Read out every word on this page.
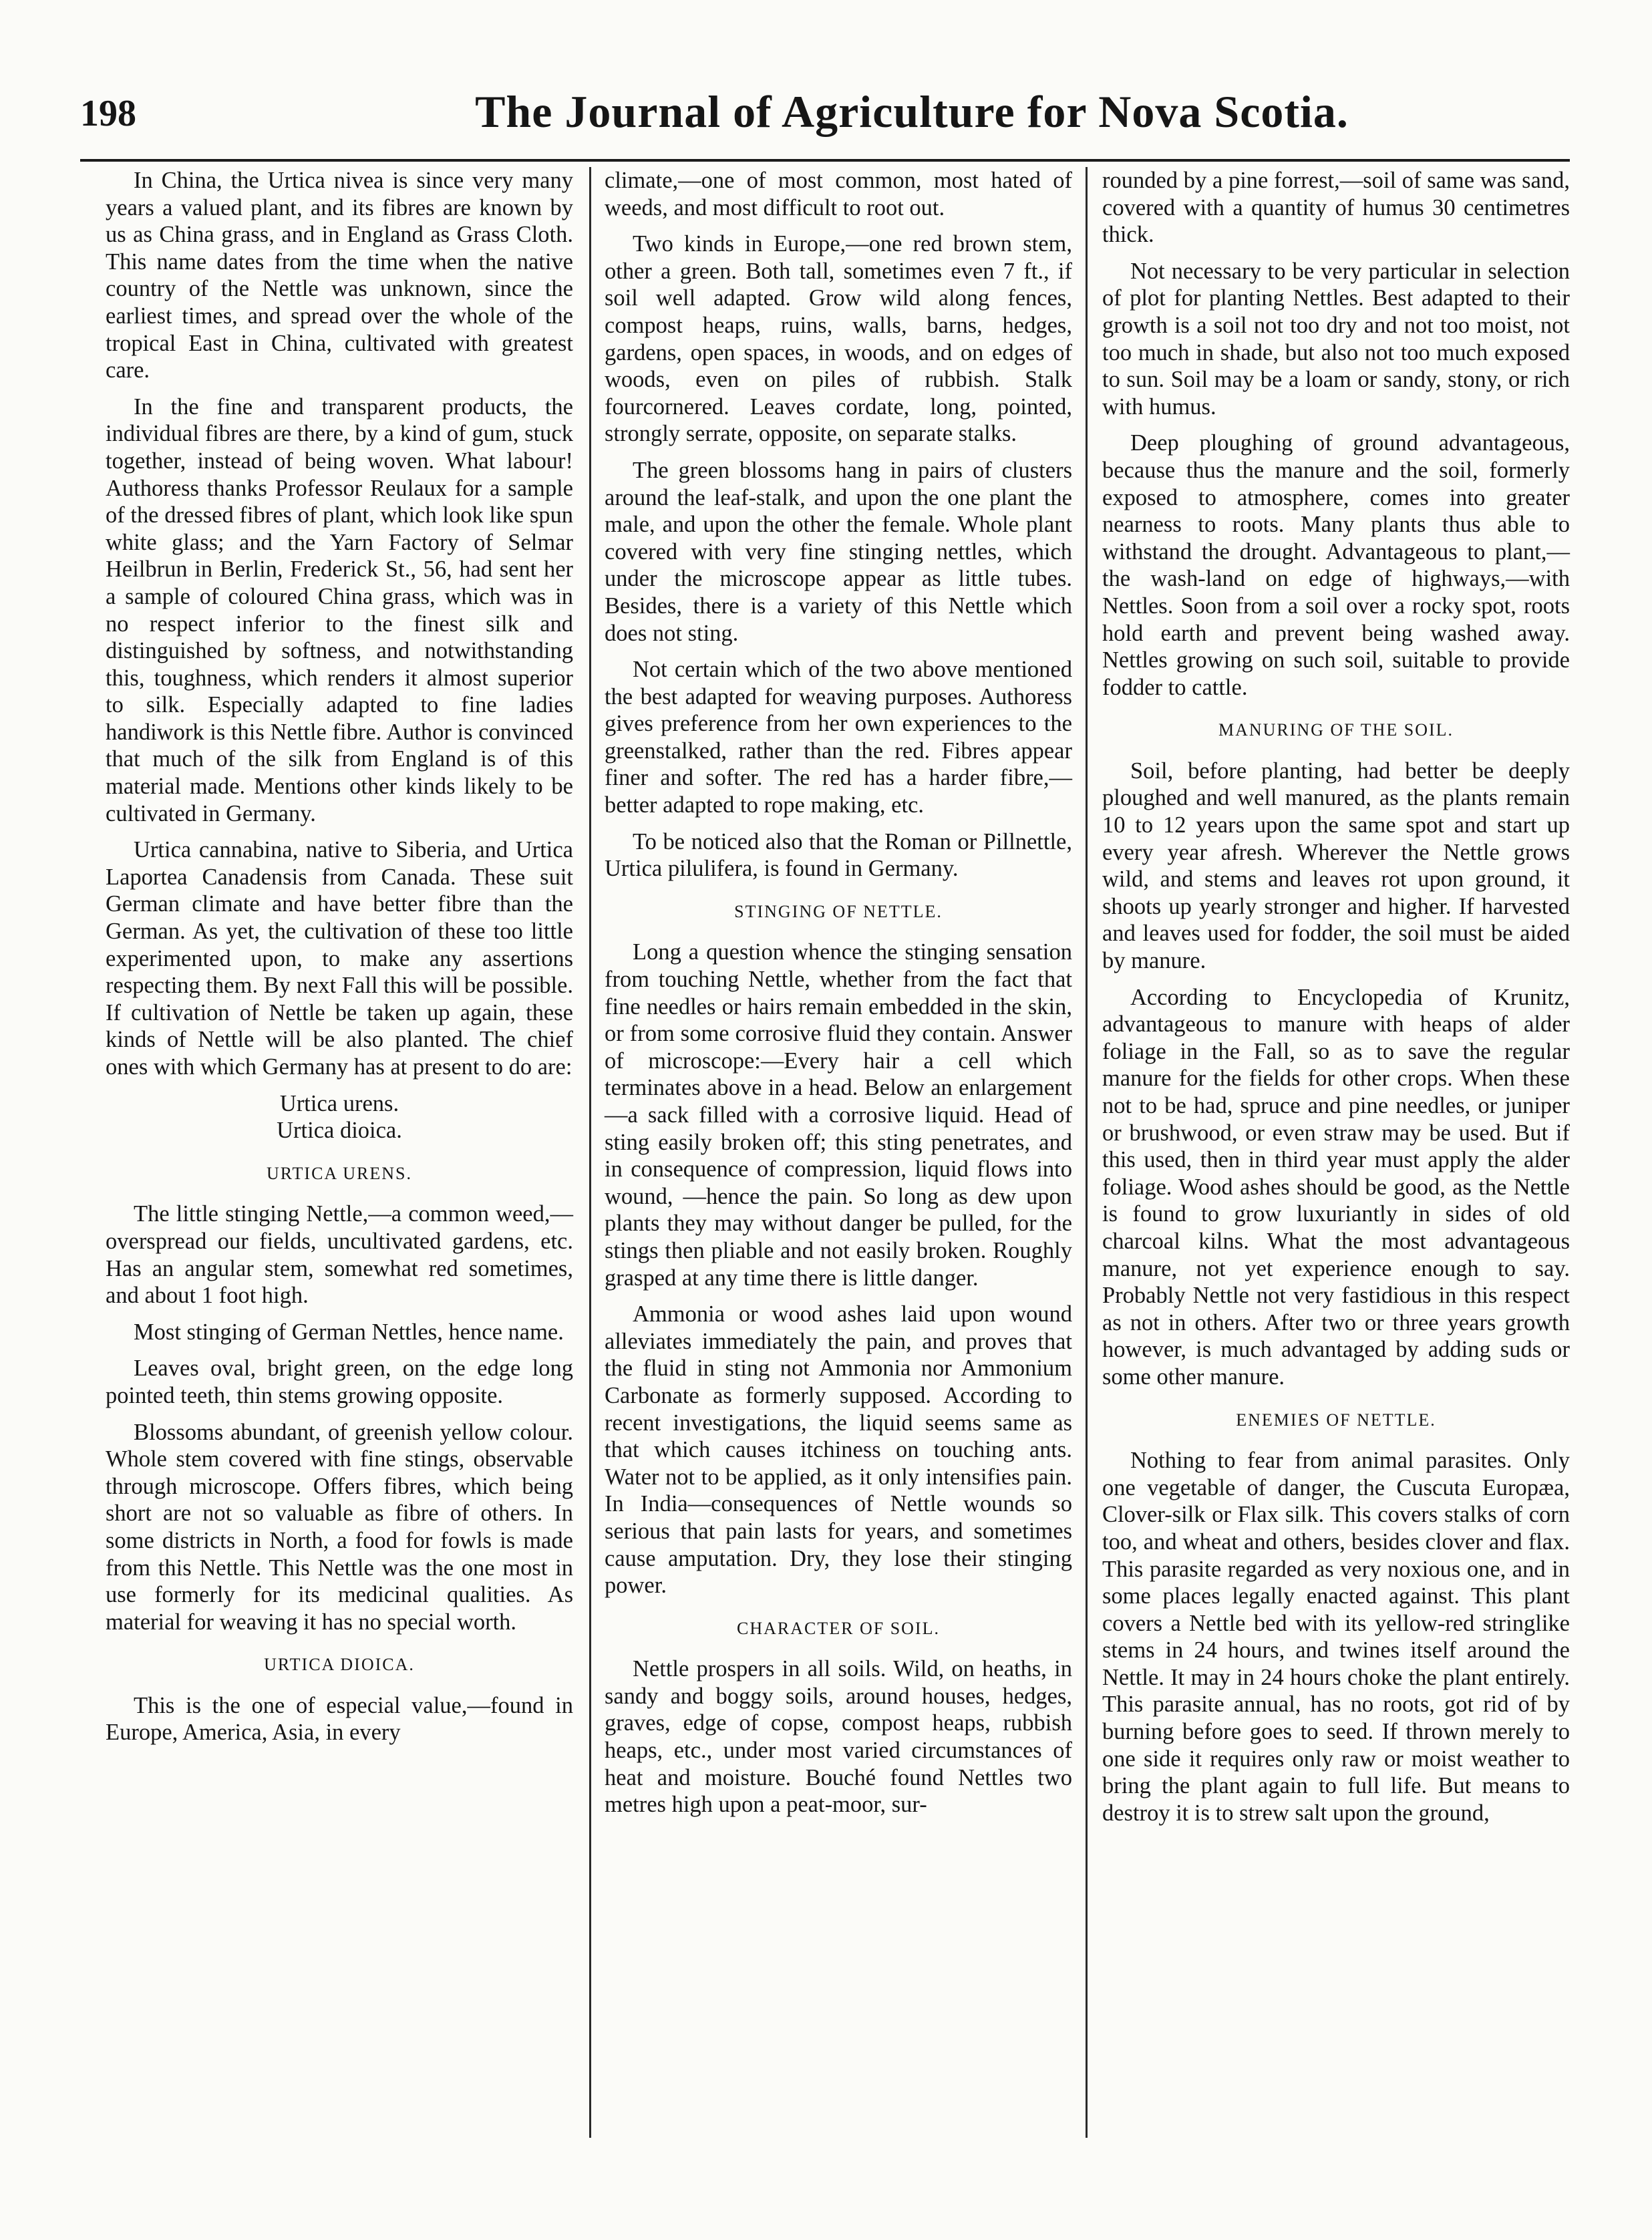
198	The Journal of Agriculture for Nova Scotia.

In China, the Urtica nivea is since very many years a valued plant, and its fibres are known by us as China grass, and in England as Grass Cloth. This name dates from the time when the native country of the Nettle was unknown, since the earliest times, and spread over the whole of the tropical East in China, cultivated with greatest care.

In the fine and transparent products, the individual fibres are there, by a kind of gum, stuck together, instead of being woven. What labour! Authoress thanks Professor Reulaux for a sample of the dressed fibres of plant, which look like spun white glass; and the Yarn Factory of Selmar Heilbrun in Berlin, Frederick St., 56, had sent her a sample of coloured China grass, which was in no respect inferior to the finest silk and distinguished by softness, and notwithstanding this, toughness, which renders it almost superior to silk. Especially adapted to fine ladies handiwork is this Nettle fibre. Author is convinced that much of the silk from England is of this material made. Mentions other kinds likely to be cultivated in Germany.

Urtica cannabina, native to Siberia, and Urtica Laportea Canadensis from Canada. These suit German climate and have better fibre than the German. As yet, the cultivation of these too little experimented upon, to make any assertions respecting them. By next Fall this will be possible. If cultivation of Nettle be taken up again, these kinds of Nettle will be also planted. The chief ones with which Germany has at present to do are:

Urtica urens.
Urtica dioica.
URTICA URENS.

The little stinging Nettle,—a common weed,—overspread our fields, uncultivated gardens, etc. Has an angular stem, somewhat red sometimes, and about 1 foot high.

Most stinging of German Nettles, hence name.

Leaves oval, bright green, on the edge long pointed teeth, thin stems growing opposite.

Blossoms abundant, of greenish yellow colour. Whole stem covered with fine stings, observable through microscope. Offers fibres, which being short are not so valuable as fibre of others. In some districts in North, a food for fowls is made from this Nettle. This Nettle was the one most in use formerly for its medicinal qualities. As material for weaving it has no special worth.

URTICA DIOICA.

This is the one of especial value,—found in Europe, America, Asia, in every

climate,—one of most common, most hated of weeds, and most difficult to root out.

Two kinds in Europe,—one red brown stem, other a green. Both tall, sometimes even 7 ft., if soil well adapted. Grow wild along fences, compost heaps, ruins, walls, barns, hedges, gardens, open spaces, in woods, and on edges of woods, even on piles of rubbish. Stalk fourcornered. Leaves cordate, long, pointed, strongly serrate, opposite, on separate stalks.

The green blossoms hang in pairs of clusters around the leaf-stalk, and upon the one plant the male, and upon the other the female. Whole plant covered with very fine stinging nettles, which under the microscope appear as little tubes. Besides, there is a variety of this Nettle which does not sting.

Not certain which of the two above mentioned the best adapted for weaving purposes. Authoress gives preference from her own experiences to the greenstalked, rather than the red. Fibres appear finer and softer. The red has a harder fibre,—better adapted to rope making, etc.

To be noticed also that the Roman or Pillnettle, Urtica pilulifera, is found in Germany.

STINGING OF NETTLE.

Long a question whence the stinging sensation from touching Nettle, whether from the fact that fine needles or hairs remain embedded in the skin, or from some corrosive fluid they contain. Answer of microscope:—Every hair a cell which terminates above in a head. Below an enlargement—a sack filled with a corrosive liquid. Head of sting easily broken off; this sting penetrates, and in consequence of compression, liquid flows into wound, —hence the pain. So long as dew upon plants they may without danger be pulled, for the stings then pliable and not easily broken. Roughly grasped at any time there is little danger.

Ammonia or wood ashes laid upon wound alleviates immediately the pain, and proves that the fluid in sting not Ammonia nor Ammonium Carbonate as formerly supposed. According to recent investigations, the liquid seems same as that which causes itchiness on touching ants. Water not to be applied, as it only intensifies pain. In India—consequences of Nettle wounds so serious that pain lasts for years, and sometimes cause amputation. Dry, they lose their stinging power.

CHARACTER OF SOIL.

Nettle prospers in all soils. Wild, on heaths, in sandy and boggy soils, around houses, hedges, graves, edge of copse, compost heaps, rubbish heaps, etc., under most varied circumstances of heat and moisture. Bouché found Nettles two metres high upon a peat-moor, sur-

rounded by a pine forrest,—soil of same was sand, covered with a quantity of humus 30 centimetres thick.

Not necessary to be very particular in selection of plot for planting Nettles. Best adapted to their growth is a soil not too dry and not too moist, not too much in shade, but also not too much exposed to sun. Soil may be a loam or sandy, stony, or rich with humus.

Deep ploughing of ground advantageous, because thus the manure and the soil, formerly exposed to atmosphere, comes into greater nearness to roots. Many plants thus able to withstand the drought. Advantageous to plant,—the wash-land on edge of highways,—with Nettles. Soon from a soil over a rocky spot, roots hold earth and prevent being washed away. Nettles growing on such soil, suitable to provide fodder to cattle.

MANURING OF THE SOIL.

Soil, before planting, had better be deeply ploughed and well manured, as the plants remain 10 to 12 years upon the same spot and start up every year afresh. Wherever the Nettle grows wild, and stems and leaves rot upon ground, it shoots up yearly stronger and higher. If harvested and leaves used for fodder, the soil must be aided by manure.

According to Encyclopedia of Krunitz, advantageous to manure with heaps of alder foliage in the Fall, so as to save the regular manure for the fields for other crops. When these not to be had, spruce and pine needles, or juniper or brushwood, or even straw may be used. But if this used, then in third year must apply the alder foliage. Wood ashes should be good, as the Nettle is found to grow luxuriantly in sides of old charcoal kilns. What the most advantageous manure, not yet experience enough to say. Probably Nettle not very fastidious in this respect as not in others. After two or three years growth however, is much advantaged by adding suds or some other manure.

ENEMIES OF NETTLE.

Nothing to fear from animal parasites. Only one vegetable of danger, the Cuscuta Europæa, Clover-silk or Flax silk. This covers stalks of corn too, and wheat and others, besides clover and flax. This parasite regarded as very noxious one, and in some places legally enacted against. This plant covers a Nettle bed with its yellow-red stringlike stems in 24 hours, and twines itself around the Nettle. It may in 24 hours choke the plant entirely. This parasite annual, has no roots, got rid of by burning before goes to seed. If thrown merely to one side it requires only raw or moist weather to bring the plant again to full life. But means to destroy it is to strew salt upon the ground,
